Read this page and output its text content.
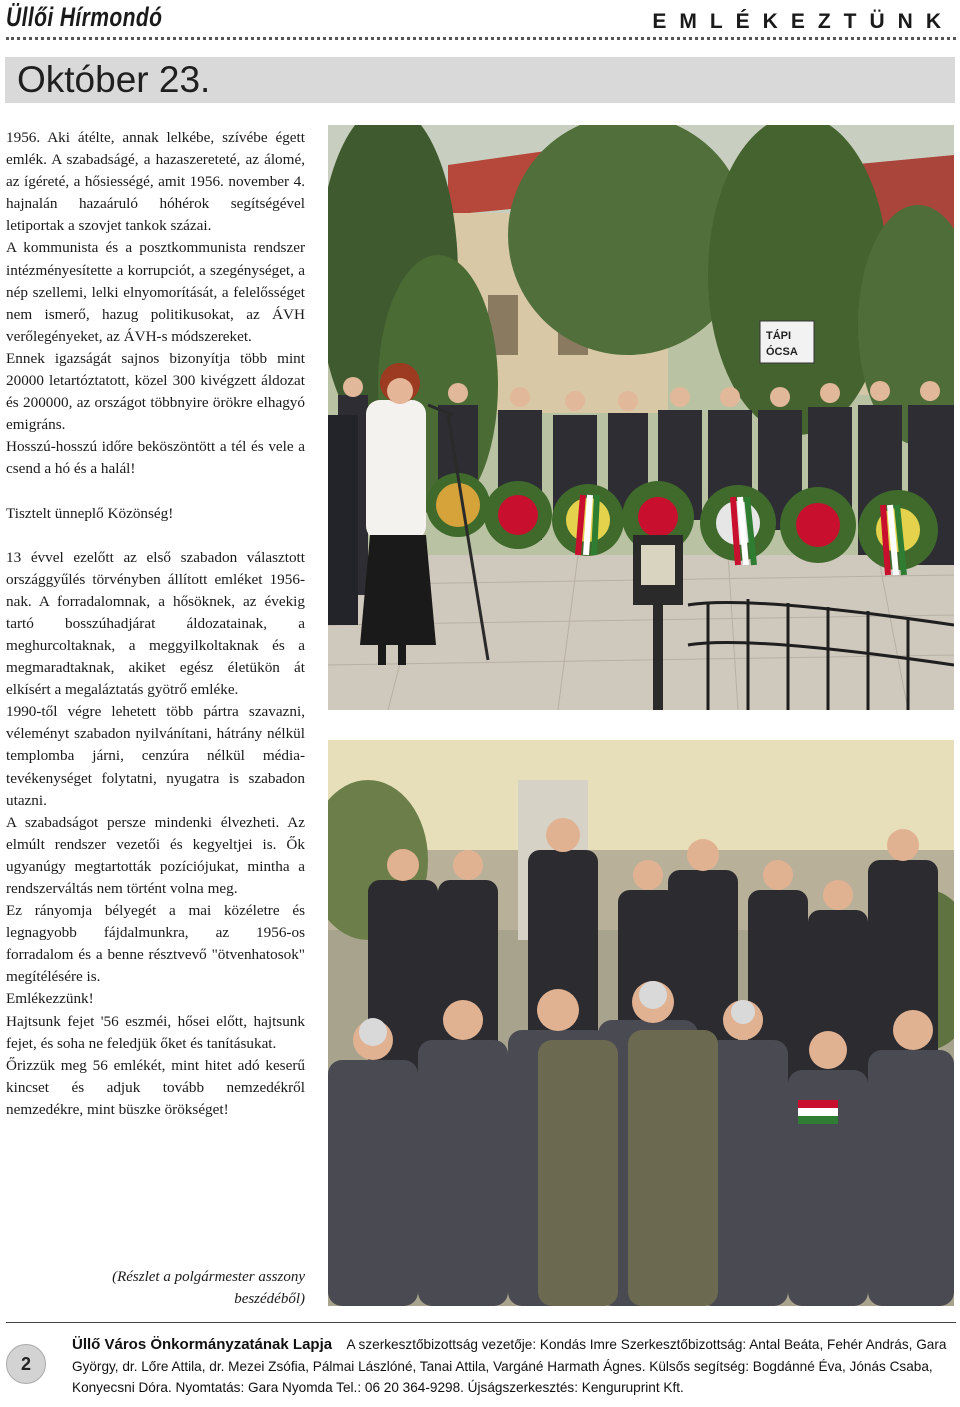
Üllői Hírmondó	EMLÉKEZTÜNK
Október 23.

1956. Aki átélte, annak lelkébe, szívébe égett emlék. A szabadságé, a hazaszereteté, az álomé, az ígéreté, a hősiességé, amit 1956. november 4. hajnalán hazaáruló hóhérok segítségével letiportak a szovjet tankok százai.

A kommunista és a posztkommunista rendszer intézményesítette a korrupciót, a szegénységet, a nép szellemi, lelki elnyomorítását, a felelősséget nem ismerő, hazug politikusokat, az ÁVH verőlegényeket, az ÁVH-s módszereket.

Ennek igazságát sajnos bizonyítja több mint 20000 letartóztatott, közel 300 kivégzett áldozat és 200000, az országot többnyire örökre elhagyó emigráns.

Hosszú-hosszú időre beköszöntött a tél és vele a csend a hó és a halál!

Tisztelt ünneplő Közönség!

13 évvel ezelőtt az első szabadon választott országgyűlés törvényben állított emléket 1956-nak. A forradalomnak, a hősöknek, az évekig tartó bosszúhadjárat áldozatainak, a meghurcoltaknak, a meggyilkoltaknak és a megmaradtaknak, akiket egész életükön át elkísért a megaláztatás gyötrő emléke.

1990-től végre lehetett több pártra szavazni, véleményt szabadon nyilvánítani, hátrány nélkül templomba járni, cenzúra nélkül média-tevékenységet folytatni, nyugatra is szabadon utazni.

A szabadságot persze mindenki élvezheti. Az elmúlt rendszer vezetői és kegyeltjei is. Ők ugyanúgy megtartották pozíciójukat, mintha a rendszerváltás nem történt volna meg.

Ez rányomja bélyegét a mai közéletre és legnagyobb fájdalmunkra, az 1956-os forradalom és a benne résztvevő "ötvenhatosok" megítélésére is.

Emlékezzünk!

Hajtsunk fejet '56 eszméi, hősei előtt, hajtsunk fejet, és soha ne feledjük őket és tanításukat.

Őrizzük meg 56 emlékét, mint hitet adó keserű kincset és adjuk tovább nemzedékről nemzedékre, mint büszke örökséget!

(Részlet a polgármester asszony beszédéből)
TÁPI
ÓCSA
2
Üllő Város Önkormányzatának Lapja A szerkesztőbizottság vezetője: Kondás Imre Szerkesztőbizottság: Antal Beáta, Fehér András, Gara György, dr. Lőre Attila, dr. Mezei Zsófia, Pálmai Lászlóné, Tanai Attila, Vargáné Harmath Ágnes. Külsős segítség: Bogdánné Éva, Jónás Csaba, Konyecsni Dóra. Nyomtatás: Gara Nyomda Tel.: 06 20 364-9298. Újságszerkesztés: Kenguruprint Kft.
